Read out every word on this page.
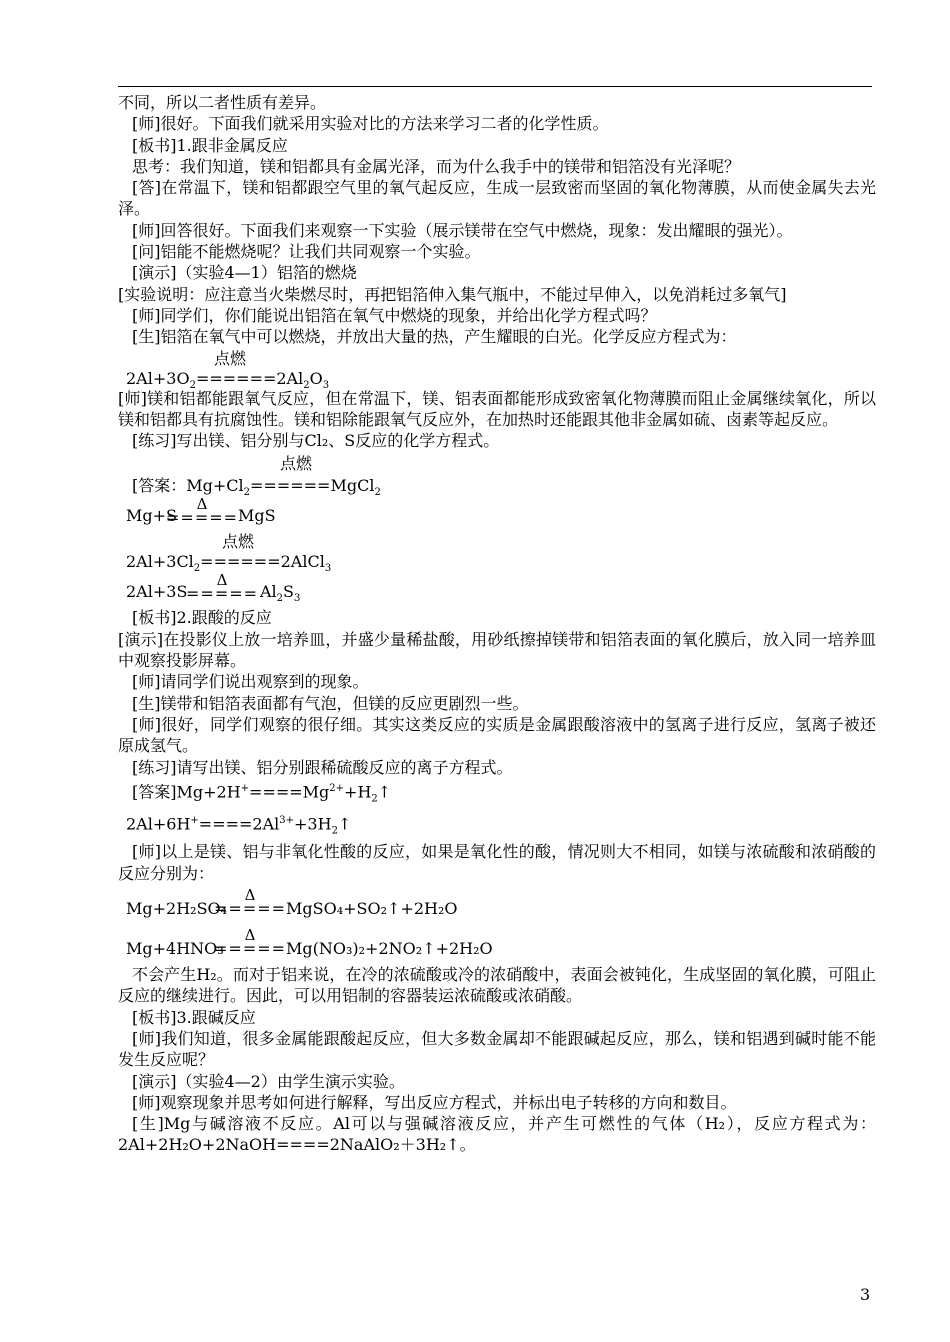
不同，所以二者性质有差异。

[师]很好。下面我们就采用实验对比的方法来学习二者的化学性质。

[板书]1.跟非金属反应

思考：我们知道，镁和铝都具有金属光泽，而为什么我手中的镁带和铝箔没有光泽呢？

[答]在常温下，镁和铝都跟空气里的氧气起反应，生成一层致密而坚固的氧化物薄膜，从而使金属失去光泽。

[师]回答很好。下面我们来观察一下实验（展示镁带在空气中燃烧，现象：发出耀眼的强光）。

[问]铝能不能燃烧呢？让我们共同观察一个实验。

[演示]（实验4—1）铝箔的燃烧

[实验说明：应注意当火柴燃尽时，再把铝箔伸入集气瓶中，不能过早伸入，以免消耗过多氧气]

[师]同学们，你们能说出铝箔在氧气中燃烧的现象，并给出化学方程式吗？

[生]铝箔在氧气中可以燃烧，并放出大量的热，产生耀眼的白光。化学反应方程式为：

点燃
$2Al+3O_2======2Al_2O_3$

[师]镁和铝都能跟氧气反应，但在常温下，镁、铝表面都能形成致密氧化物薄膜而阻止金属继续氧化，所以镁和铝都具有抗腐蚀性。镁和铝除能跟氧气反应外，在加热时还能跟其他非金属如硫、卤素等起反应。

[练习]写出镁、铝分别与Cl₂、S反应的化学方程式。

点燃
[答案：$Mg+Cl_2======MgCl_2$
Mg+S
Δ
===== MgS
点燃
$2Al+3Cl_2======2AlCl_3$
2Al+3S
Δ
===== $Al_2S_3$

[板书]2.跟酸的反应

[演示]在投影仪上放一培养皿，并盛少量稀盐酸，用砂纸擦掉镁带和铝箔表面的氧化膜后，放入同一培养皿中观察投影屏幕。

[师]请同学们说出观察到的现象。

[生]镁带和铝箔表面都有气泡，但镁的反应更剧烈一些。

[师]很好，同学们观察的很仔细。其实这类反应的实质是金属跟酸溶液中的氢离子进行反应，氢离子被还原成氢气。

[练习]请写出镁、铝分别跟稀硫酸反应的离子方程式。

[答案]$Mg+2H^+====Mg^{2+}+H_2↑$

$2Al+6H^+====2Al^{3+}+3H_2↑$

[师]以上是镁、铝与非氧化性酸的反应，如果是氧化性的酸，情况则大不相同，如镁与浓硫酸和浓硝酸的反应分别为：

Mg+2H₂SO₄
Δ
===== MgSO₄+SO₂↑+2H₂O
Mg+4HNO₃
Δ
===== Mg(NO₃)₂+2NO₂↑+2H₂O

不会产生H₂。而对于铝来说，在冷的浓硫酸或冷的浓硝酸中，表面会被钝化，生成坚固的氧化膜，可阻止反应的继续进行。因此，可以用铝制的容器装运浓硫酸或浓硝酸。

[板书]3.跟碱反应

[师]我们知道，很多金属能跟酸起反应，但大多数金属却不能跟碱起反应，那么，镁和铝遇到碱时能不能发生反应呢？

[演示]（实验4—2）由学生演示实验。

[师]观察现象并思考如何进行解释，写出反应方程式，并标出电子转移的方向和数目。

[生]Mg与碱溶液不反应。Al可以与强碱溶液反应，并产生可燃性的气体（H₂），反应方程式为：2Al+2H₂O+2NaOH====2NaAlO₂＋3H₂↑。

3
